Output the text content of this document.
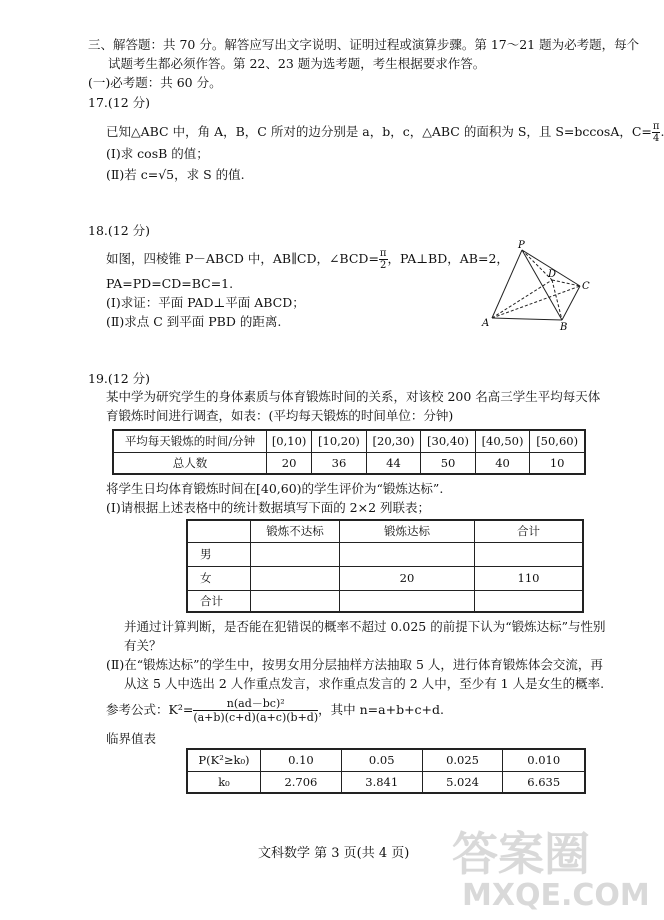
答案圈
MXQE.COM
三、解答题：共 70 分。解答应写出文字说明、证明过程或演算步骤。第 17～21 题为必考题，每个
试题考生都必须作答。第 22、23 题为选考题，考生根据要求作答。
(一)必考题：共 60 分。
17.(12 分)
已知△ABC 中，角 A，B，C 所对的边分别是 a，b，c，△ABC 的面积为 S，且 S=bccosA，$C= \frac{\pi}{4}$
(Ⅰ)求 cosB 的值；
(Ⅱ)若 c=√5，求 S 的值.
18.(12 分)
如图，四棱锥 P－ABCD 中，AB∥CD，∠BCD= $\frac{\pi}{2}$ ，PA⊥BD，AB=2，
PA=PD=CD=BC=1.
(Ⅰ)求证：平面 PAD⊥平面 ABCD；
(Ⅱ)求点 C 到平面 PBD 的距离.
P
D
C
A	B
19.(12 分)
某中学为研究学生的身体素质与体育锻炼时间的关系，对该校 200 名高三学生平均每天体
育锻炼时间进行调查，如表：(平均每天锻炼的时间单位：分钟)
平均每天锻炼的时间/分钟	[0,10)	[10,20)	[20,30)	[30,40)	[40,50)	[50,60)
总人数	20	36	44	50	40	10
将学生日均体育锻炼时间在[40,60)的学生评价为“锻炼达标”.
(Ⅰ)请根据上述表格中的统计数据填写下面的 2×2 列联表；
	锻炼不达标	锻炼达标	合计
男			
女		20	110
合计			
并通过计算判断，是否能在犯错误的概率不超过 0.025 的前提下认为“锻炼达标”与性别
有关？
(Ⅱ)在“锻炼达标”的学生中，按男女用分层抽样方法抽取 5 人，进行体育锻炼体会交流，再
从这 5 人中选出 2 人作重点发言，求作重点发言的 2 人中，至少有 1 人是女生的概率.
参考公式：$K^2= \frac{\text{n(ad－bc)²}}{(a+b)(c+d)(a+c)(b+d)}$ ，其中 n=a+b+c+d.
临界值表
P(K²≥k₀)	0.10	0.05	0.025	0.010
k₀	2.706	3.841	5.024	6.635
文科数学 第 3 页(共 4 页)
